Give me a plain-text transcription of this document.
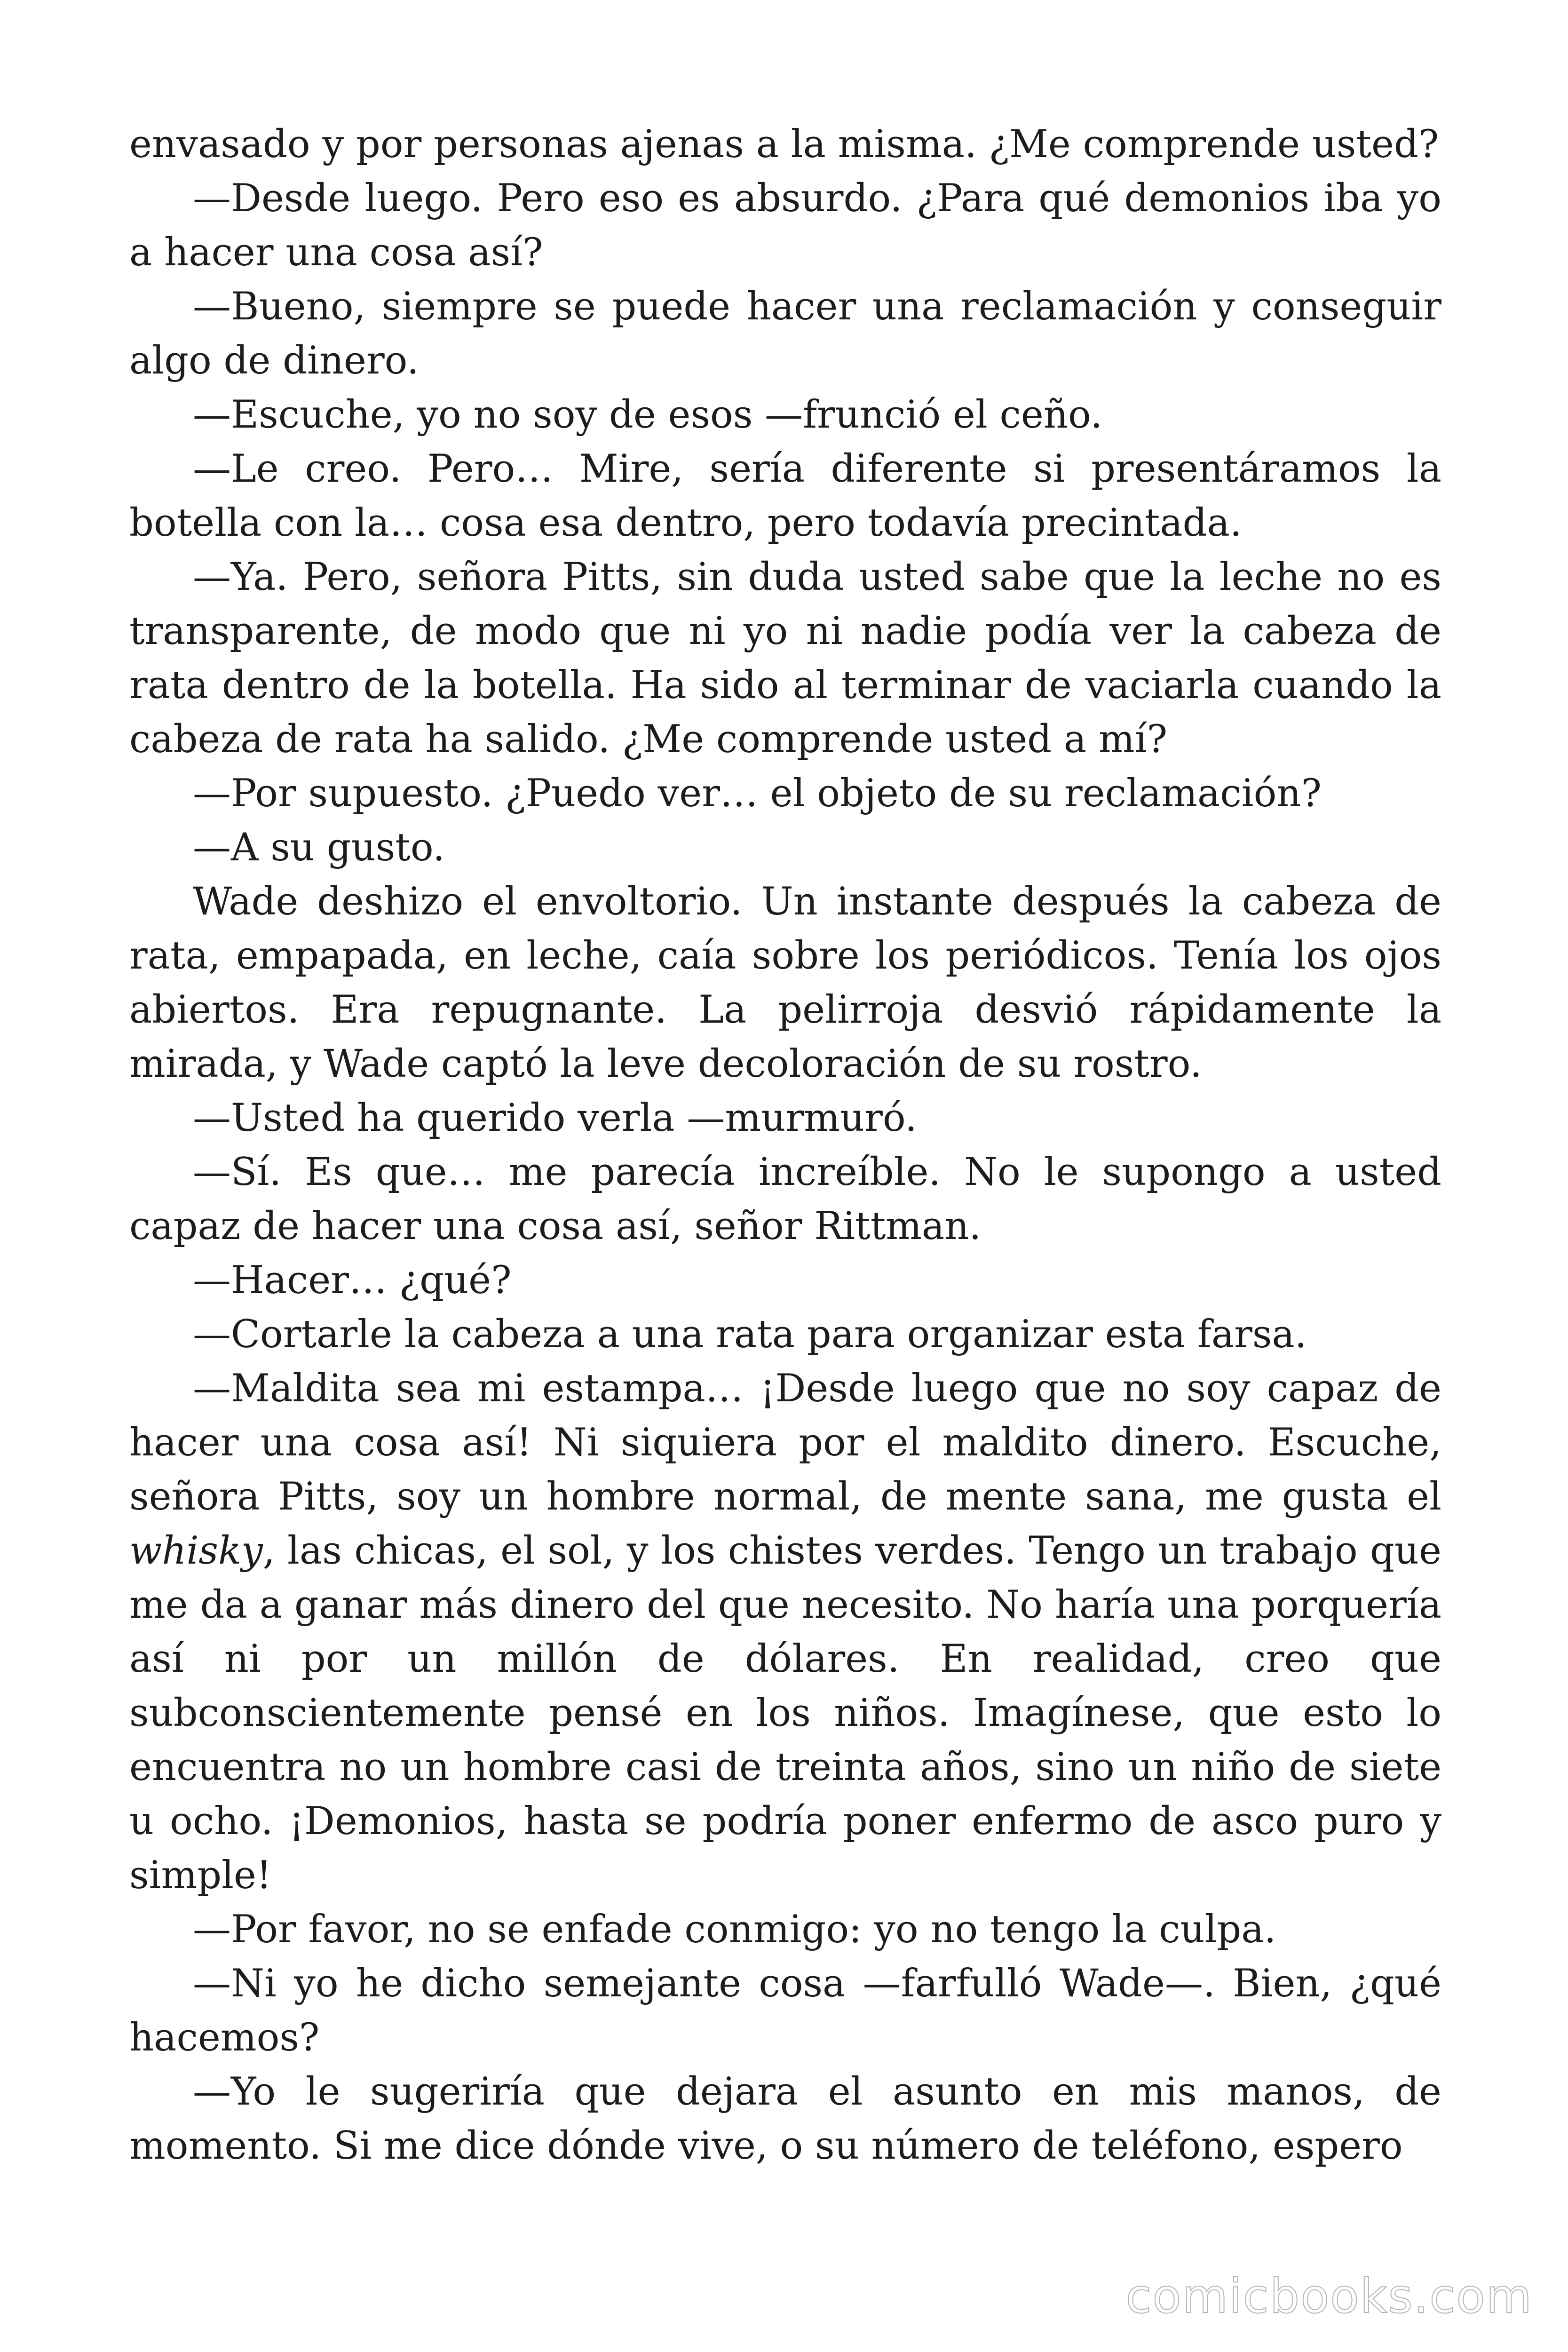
envasado y por personas ajenas a la misma. ¿Me comprende usted?

—Desde luego. Pero eso es absurdo. ¿Para qué demonios iba yo a hacer una cosa así?

—Bueno, siempre se puede hacer una reclamación y conseguir algo de dinero.

—Escuche, yo no soy de esos —frunció el ceño.

—Le creo. Pero… Mire, sería diferente si presentáramos la botella con la… cosa esa dentro, pero todavía precintada.

—Ya. Pero, señora Pitts, sin duda usted sabe que la leche no es transparente, de modo que ni yo ni nadie podía ver la cabeza de rata dentro de la botella. Ha sido al terminar de vaciarla cuando la cabeza de rata ha salido. ¿Me comprende usted a mí?

—Por supuesto. ¿Puedo ver… el objeto de su reclamación?

—A su gusto.

Wade deshizo el envoltorio. Un instante después la cabeza de rata, empapada, en leche, caía sobre los periódicos. Tenía los ojos abiertos. Era repugnante. La pelirroja desvió rápidamente la mirada, y Wade captó la leve decoloración de su rostro.

—Usted ha querido verla —murmuró.

—Sí. Es que… me parecía increíble. No le supongo a usted capaz de hacer una cosa así, señor Rittman.

—Hacer… ¿qué?

—Cortarle la cabeza a una rata para organizar esta farsa.

—Maldita sea mi estampa… ¡Desde luego que no soy capaz de hacer una cosa así! Ni siquiera por el maldito dinero. Escuche, señora Pitts, soy un hombre normal, de mente sana, me gusta el whisky, las chicas, el sol, y los chistes verdes. Tengo un trabajo que me da a ganar más dinero del que necesito. No haría una porquería así ni por un millón de dólares. En realidad, creo que subconscientemente pensé en los niños. Imagínese, que esto lo encuentra no un hombre casi de treinta años, sino un niño de siete u ocho. ¡Demonios, hasta se podría poner enfermo de asco puro y simple!

—Por favor, no se enfade conmigo: yo no tengo la culpa.

—Ni yo he dicho semejante cosa —farfulló Wade—. Bien, ¿qué hacemos?

—Yo le sugeriría que dejara el asunto en mis manos, de momento. Si me dice dónde vive, o su número de teléfono, espero

comicbooks.com
